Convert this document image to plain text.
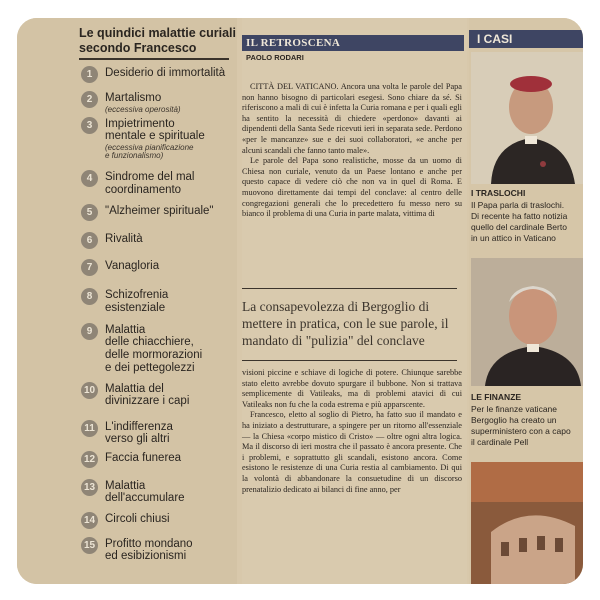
Le quindici malattie curiali secondo Francesco
1	Desiderio di immortalità
2	Martalismo
(eccessiva operosità)
3	Impietrimento
mentale e spirituale
(eccessiva pianificazione
e funzionalismo)
4	Sindrome del mal
coordinamento
5	"Alzheimer spirituale"
6	Rivalità
7	Vanagloria
8	Schizofrenia
esistenziale
9	Malattia
delle chiacchiere,
delle mormorazioni
e dei pettegolezzi
10 Malattia del
divinizzare i capi
11 L'indifferenza
verso gli altri
12 Faccia funerea
13 Malattia
dell'accumulare
14 Circoli chiusi
15 Profitto mondano
ed esibizionismi
IL RETROSCENA
PAOLO RODARI

CITTÀ DEL VATICANO. Ancora una volta le parole del Papa non hanno bisogno di particolari esegesi. Sono chiare da sé. Si riferiscono a mali di cui è infetta la Curia romana e per i quali egli ha sentito la necessità di chiedere «perdono» davanti ai dipendenti della Santa Sede ricevuti ieri in separata sede. Perdono «per le mancanze» sue e dei suoi collaboratori, «e anche per alcuni scandali che fanno tanto male».

Le parole del Papa sono realistiche, mosse da un uomo di Chiesa non curiale, venuto da un Paese lontano e anche per questo capace di vedere ciò che non va in quel di Roma. E muovono direttamente dai tempi del conclave: al centro delle congregazioni generali che lo precedettero fu messo nero su bianco il problema di una Curia in parte malata, vittima di

La consapevolezza di Bergoglio di mettere in pratica, con le sue parole, il mandato di "pulizia" del conclave

visioni piccine e schiave di logiche di potere. Chiunque sarebbe stato eletto avrebbe dovuto spurgare il bubbone. Non si trattava semplicemente di Vatileaks, ma di problemi atavici di cui Vatileaks non fu che la coda estrema e più apparscente.

Francesco, eletto al soglio di Pietro, ha fatto suo il mandato e ha iniziato a destrutturare, a spingere per un ritorno all'essenziale — la Chiesa «corpo mistico di Cristo» — oltre ogni altra logica. Ma il discorso di ieri mostra che il passato è ancora presente. Che i problemi, e soprattutto gli scandali, esistono ancora. Come esistono le resistenze di una Curia restia al cambiamento. Di qui la volontà di abbandonare la consuetudine di un discorso prenatalizio dedicato ai bilanci di fine anno, per

I CASI
I TRASLOCHI
Il Papa parla di traslochi.
Di recente ha fatto notizia
quello del cardinale Berto
in un attico in Vaticano
LE FINANZE
Per le finanze vaticane
Bergoglio ha creato un
superministero con a capo
il cardinale Pell
